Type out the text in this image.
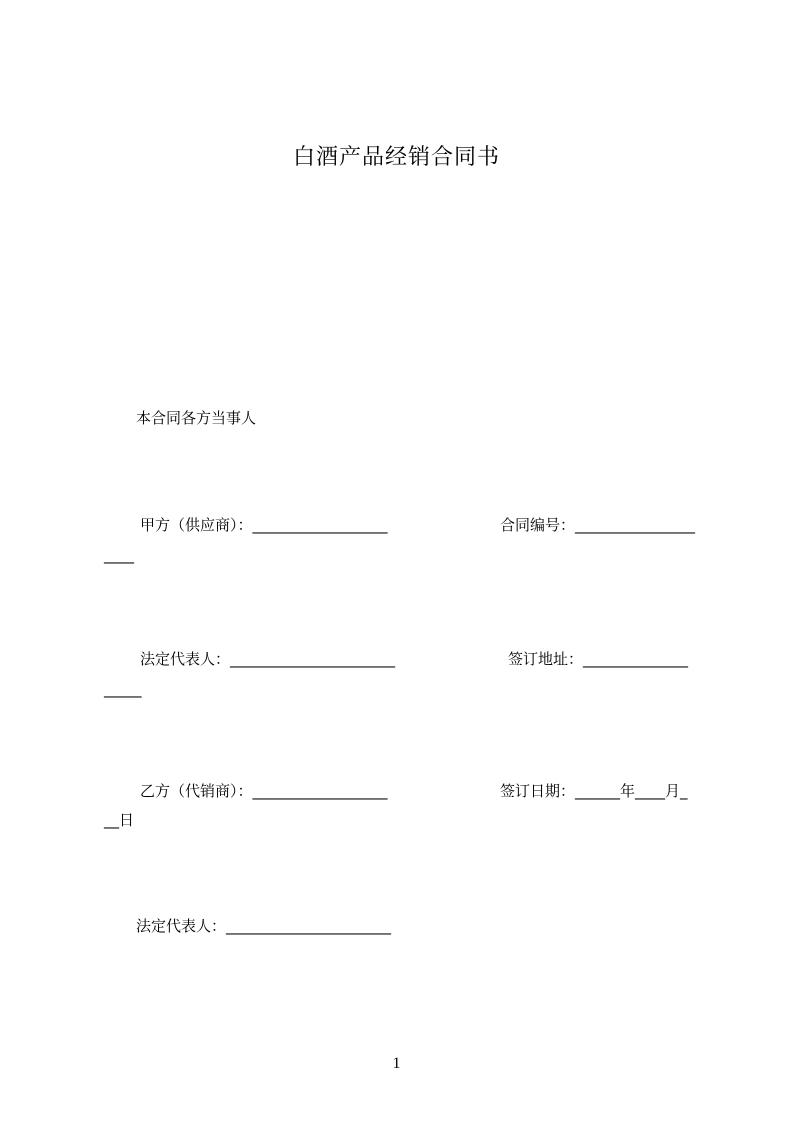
白酒产品经销合同书
本合同各方当事人
甲方（供应商）：__________________	合同编号：________________
____
法定代表人：______________________	签订地址：______________
_____
乙方（代销商）：__________________	签订日期：______年____月_
__日
法定代表人：______________________
1
